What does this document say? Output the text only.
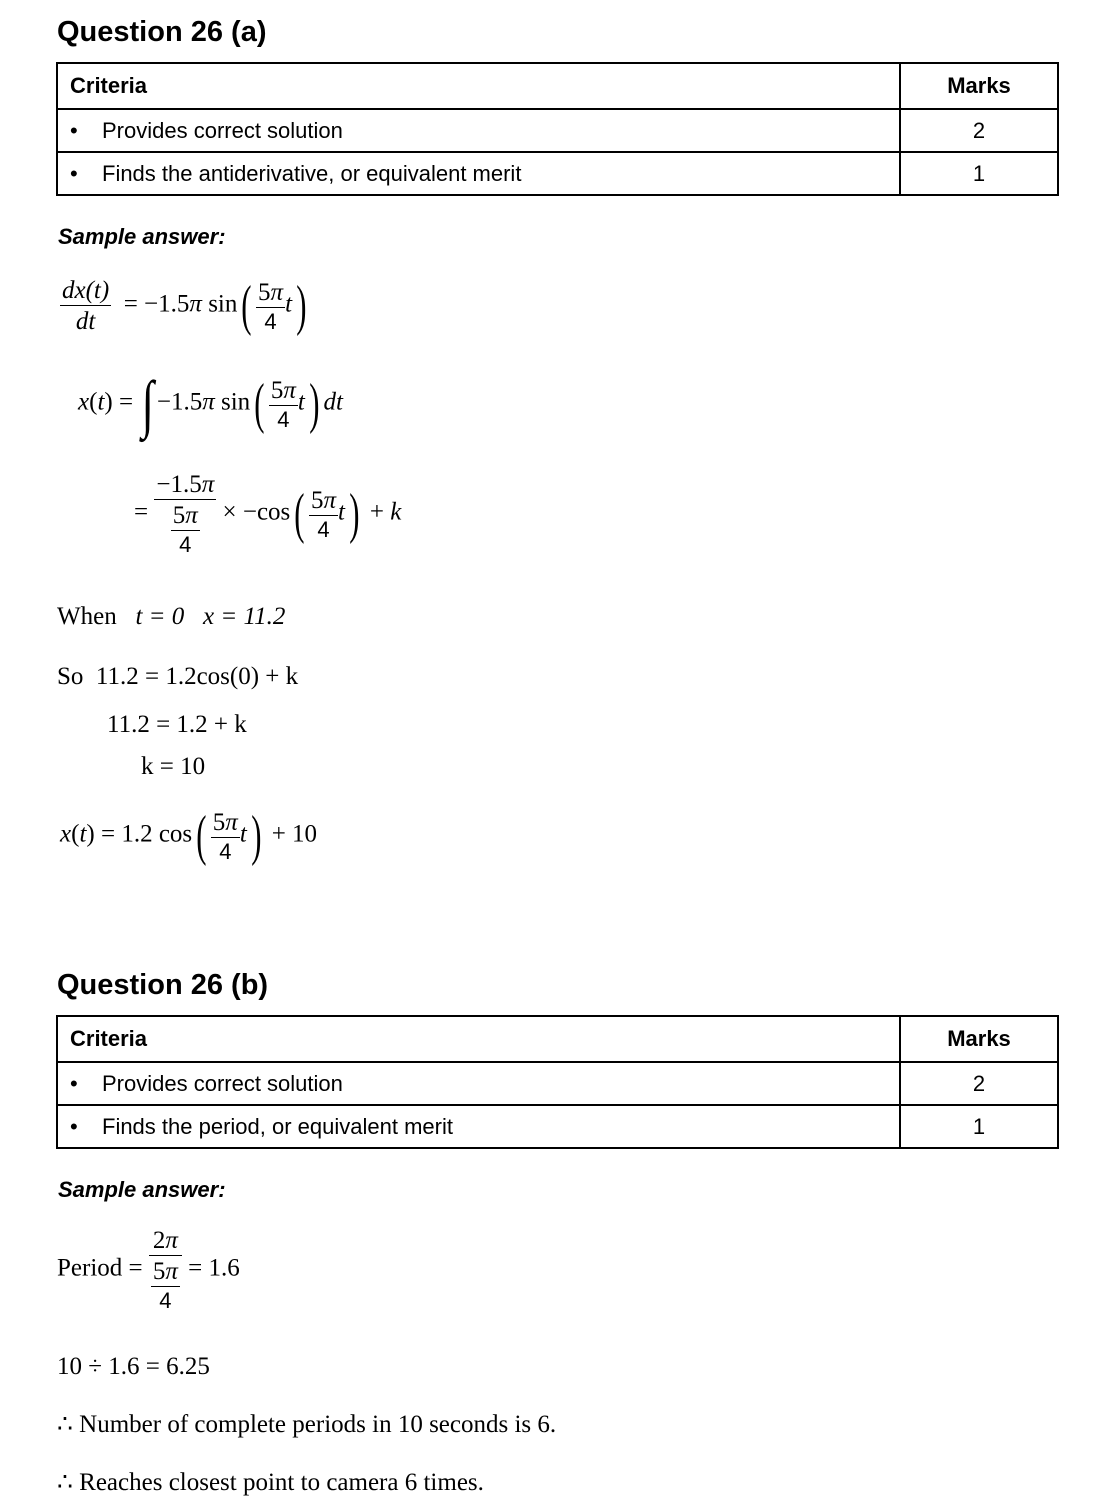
Question 26 (a)
Criteria	Marks
• Provides correct solution	2
• Finds the antiderivative, or equivalent merit	1
Sample answer:
$\frac{dx(t)}{dt} = -1.5\pi$ $\sin( \frac{5\pi}{4} t)$
x(t) = ∫ −1.5π $\sin( \frac{5\pi}{4} t)$ dt
= $\frac{-1.5\pi}{\frac{5\pi}{4}} \times -\cos( \frac{5\pi}{4} t) + k$
When t = 0 x = 11.2
So 11.2 = 1.2cos(0) + k
11.2 = 1.2 + k
k = 10
x(t) = 1.2 $\cos( \frac{5\pi}{4} t) + 10$
Question 26 (b)
Criteria	Marks
• Provides correct solution	2
• Finds the period, or equivalent merit	1
Sample answer:
Period = $\frac{2\pi}{\frac{5\pi}{4}} = 1.6$
10 ÷ 1.6 = 6.25
∴ Number of complete periods in 10 seconds is 6.
∴ Reaches closest point to camera 6 times.
